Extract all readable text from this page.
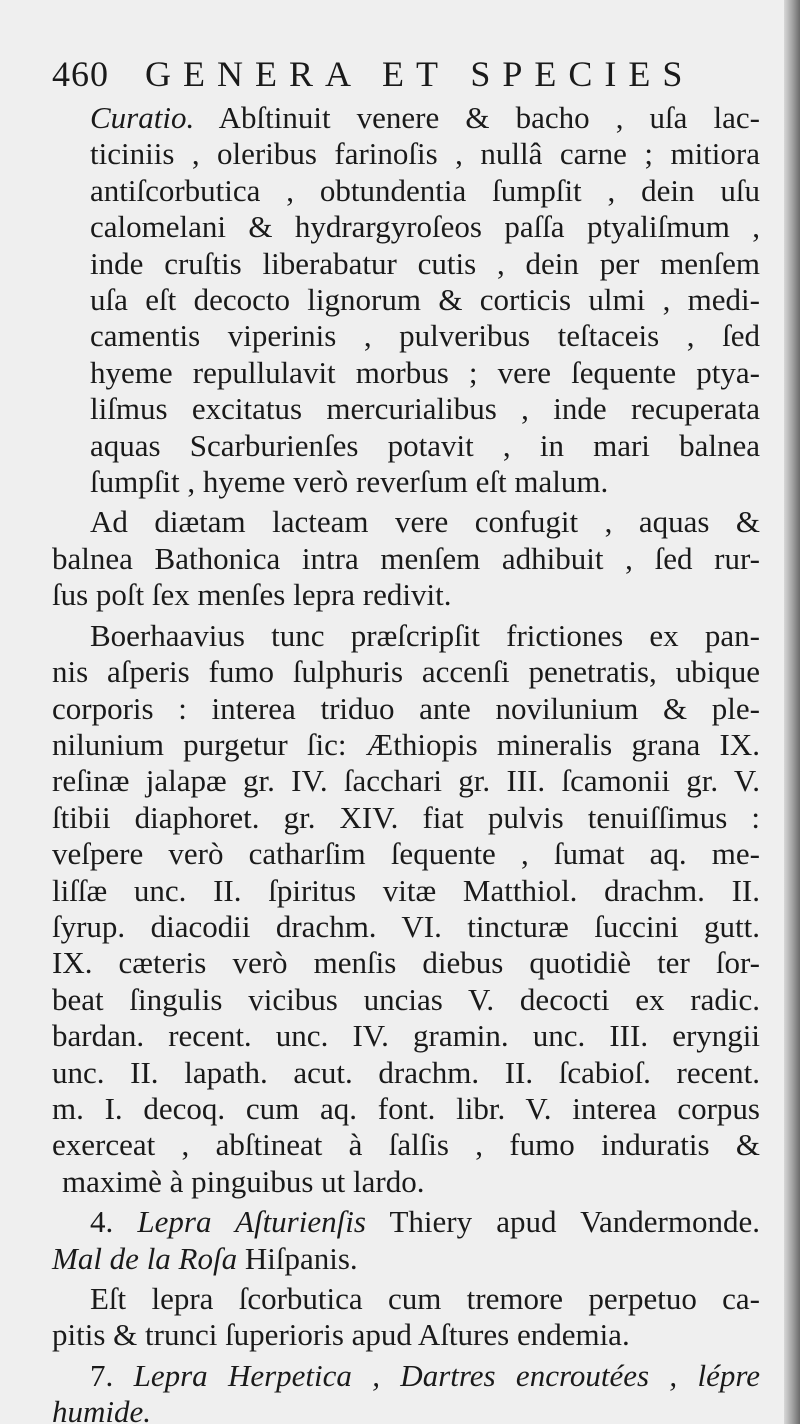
460 GENERA ET SPECIES
Curatio. Abſtinuit venere & bacho , uſa lac-
ticiniis , oleribus farinoſis , nullâ carne ; mitiora
antiſcorbutica , obtundentia ſumpſit , dein uſu
calomelani & hydrargyroſeos paſſa ptyaliſmum ,
inde cruſtis liberabatur cutis , dein per menſem
uſa eſt decocto lignorum & corticis ulmi , medi-
camentis viperinis , pulveribus teſtaceis , ſed
hyeme repullulavit morbus ; vere ſequente ptya-
liſmus excitatus mercurialibus , inde recuperata
aquas Scarburienſes potavit , in mari balnea
ſumpſit , hyeme verò reverſum eſt malum.
Ad diætam lacteam vere confugit , aquas &
balnea Bathonica intra menſem adhibuit , ſed rur-
ſus poſt ſex menſes lepra redivit.
Boerhaavius tunc præſcripſit frictiones ex pan-
nis aſperis fumo ſulphuris accenſi penetratis, ubique
corporis : interea triduo ante novilunium & ple-
nilunium purgetur ſic: Æthiopis mineralis grana IX.
reſinæ jalapæ gr. IV. ſacchari gr. III. ſcamonii gr. V.
ſtibii diaphoret. gr. XIV. fiat pulvis tenuiſſimus :
veſpere verò catharſim ſequente , ſumat aq. me-
liſſæ unc. II. ſpiritus vitæ Matthiol. drachm. II.
ſyrup. diacodii drachm. VI. tincturæ ſuccini gutt.
IX. cæteris verò menſis diebus quotidiè ter ſor-
beat ſingulis vicibus uncias V. decocti ex radic.
bardan. recent. unc. IV. gramin. unc. III. eryngii
unc. II. lapath. acut. drachm. II. ſcabioſ. recent.
m. I. decoq. cum aq. font. libr. V. interea corpus
exerceat , abſtineat à ſalſis , fumo induratis &
maximè à pinguibus ut lardo.
4. Lepra Aſturienſis Thiery apud Vandermonde.
Mal de la Roſa Hiſpanis.
Eſt lepra ſcorbutica cum tremore perpetuo ca-
pitis & trunci ſuperioris apud Aſtures endemia.
7. Lepra Herpetica , Dartres encroutées , lépre
humide.
